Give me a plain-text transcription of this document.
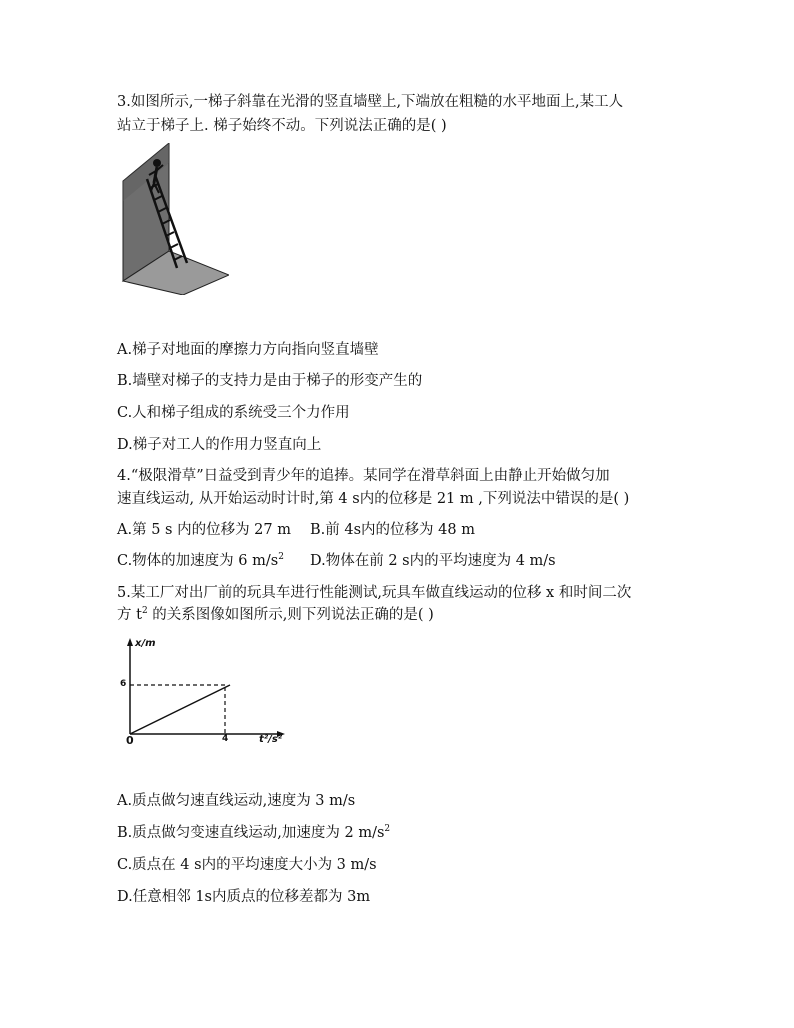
3.如图所示,一梯子斜靠在光滑的竖直墙壁上,下端放在粗糙的水平地面上,某工人
站立于梯子上. 梯子始终不动。下列说法正确的是( )
A.梯子对地面的摩擦力方向指向竖直墙壁
B.墙壁对梯子的支持力是由于梯子的形变产生的
C.人和梯子组成的系统受三个力作用
D.梯子对工人的作用力竖直向上
4.“极限滑草”日益受到青少年的追捧。某同学在滑草斜面上由静止开始做匀加
速直线运动, 从开始运动时计时,第 4 s内的位移是 21 m ,下列说法中错误的是( )
A.第 5 s 内的位移为 27 m B.前 4s内的位移为 48 m
C.物体的加速度为 6 $m/s^2$ D.物体在前 2 s内的平均速度为 4 m/s
5.某工厂对出厂前的玩具车进行性能测试,玩具车做直线运动的位移 x 和时间二次
方 $t^2$ 的关系图像如图所示,则下列说法正确的是( )
x/m
6
0	4	t²/s²
A.质点做匀速直线运动,速度为 3 m/s
B.质点做匀变速直线运动,加速度为 2 $m/s^2$
C.质点在 4 s内的平均速度大小为 3 m/s
D.任意相邻 1s内质点的位移差都为 3m
